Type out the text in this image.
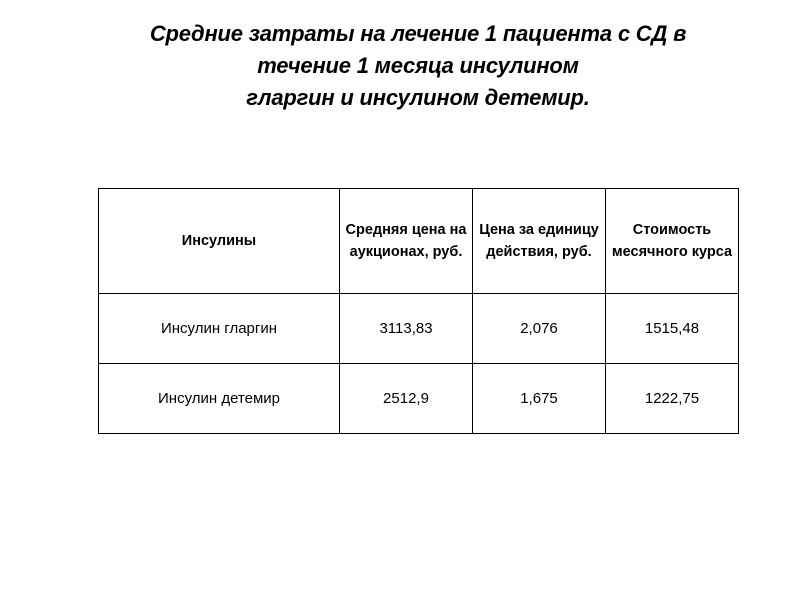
Средние затраты на лечение 1 пациента с СД в
течение 1 месяца инсулином
гларгин и инсулином детемир.
Инсулины	Средняя цена на аукционах, руб.	Цена за единицу действия, руб.	Стоимость месячного курса

Инсулин гларгин	3113,83	2,076	1515,48
Инсулин детемир	2512,9	1,675	1222,75
